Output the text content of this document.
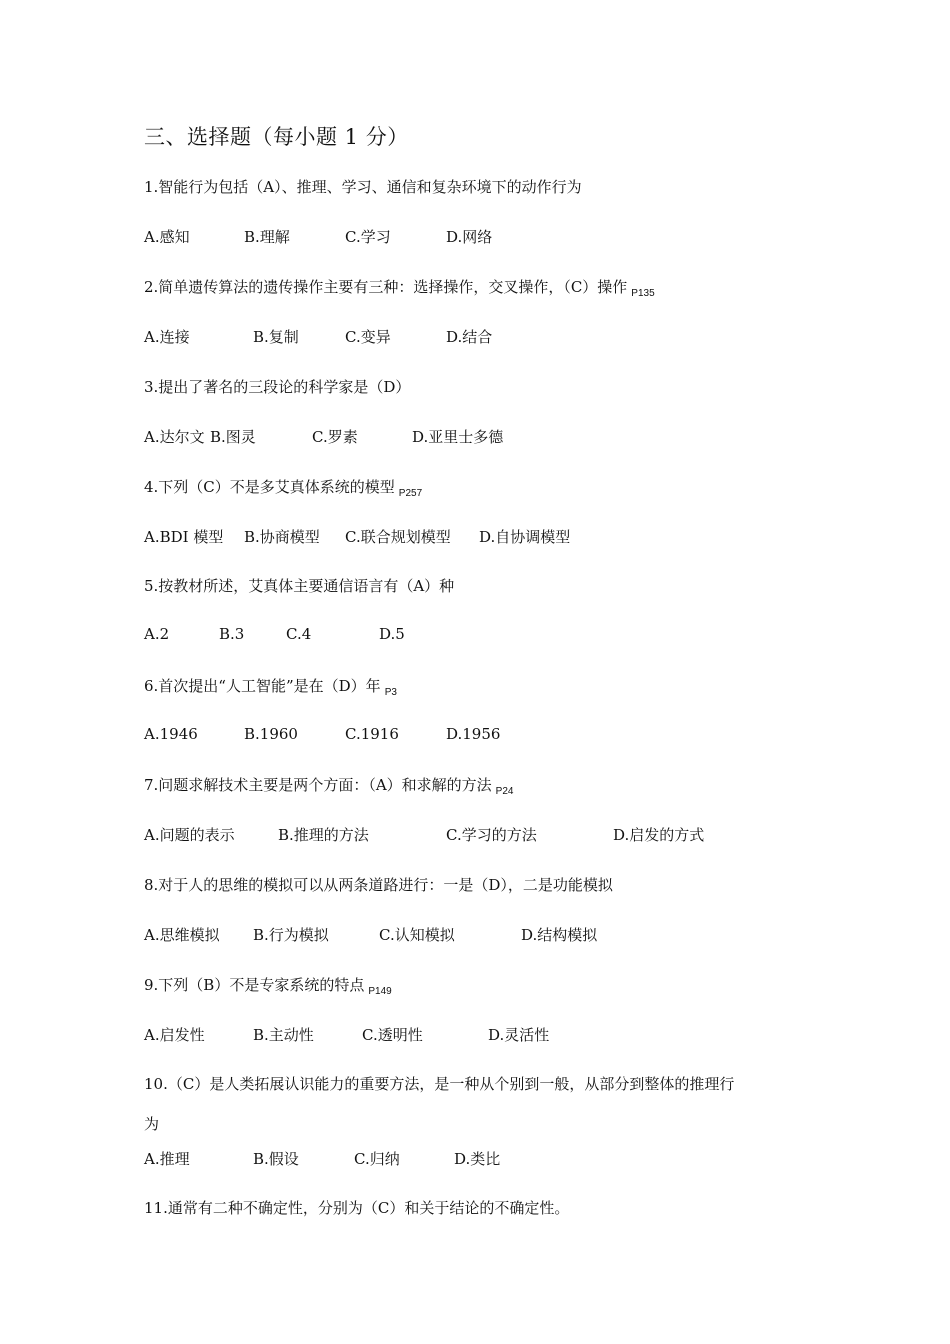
三、选择题（每小题 1 分）
1.智能行为包括（A）、推理、学习、通信和复杂环境下的动作行为
A.感知	B.理解	C.学习	D.网络
2.简单遗传算法的遗传操作主要有三种：选择操作，交叉操作，（C）操作 $_{P135}$
A.连接	B.复制	C.变异	D.结合
3.提出了著名的三段论的科学家是（D）
A.达尔文 B.图灵	C.罗素	D.亚里士多德
4.下列（C）不是多艾真体系统的模型 $_{P257}$
A.BDI 模型 B.协商模型 C.联合规划模型 D.自协调模型
5.按教材所述，艾真体主要通信语言有（A）种
A.2	B.3	C.4	D.5
6.首次提出“人工智能”是在（D）年 $_{P3}$
A.1946	B.1960	C.1916	D.1956
7.问题求解技术主要是两个方面：（A）和求解的方法 $_{P24}$
A.问题的表示	B.推理的方法	C.学习的方法	D.启发的方式
8.对于人的思维的模拟可以从两条道路进行：一是（D），二是功能模拟
A.思维模拟 B.行为模拟	C.认知模拟	D.结构模拟
9.下列（B）不是专家系统的特点 $_{P149}$
A.启发性	B.主动性	C.透明性	D.灵活性
10.（C）是人类拓展认识能力的重要方法，是一种从个别到一般，从部分到整体的推理行
为
A.推理	B.假设	C.归纳	D.类比
11.通常有二种不确定性，分别为（C）和关于结论的不确定性。
